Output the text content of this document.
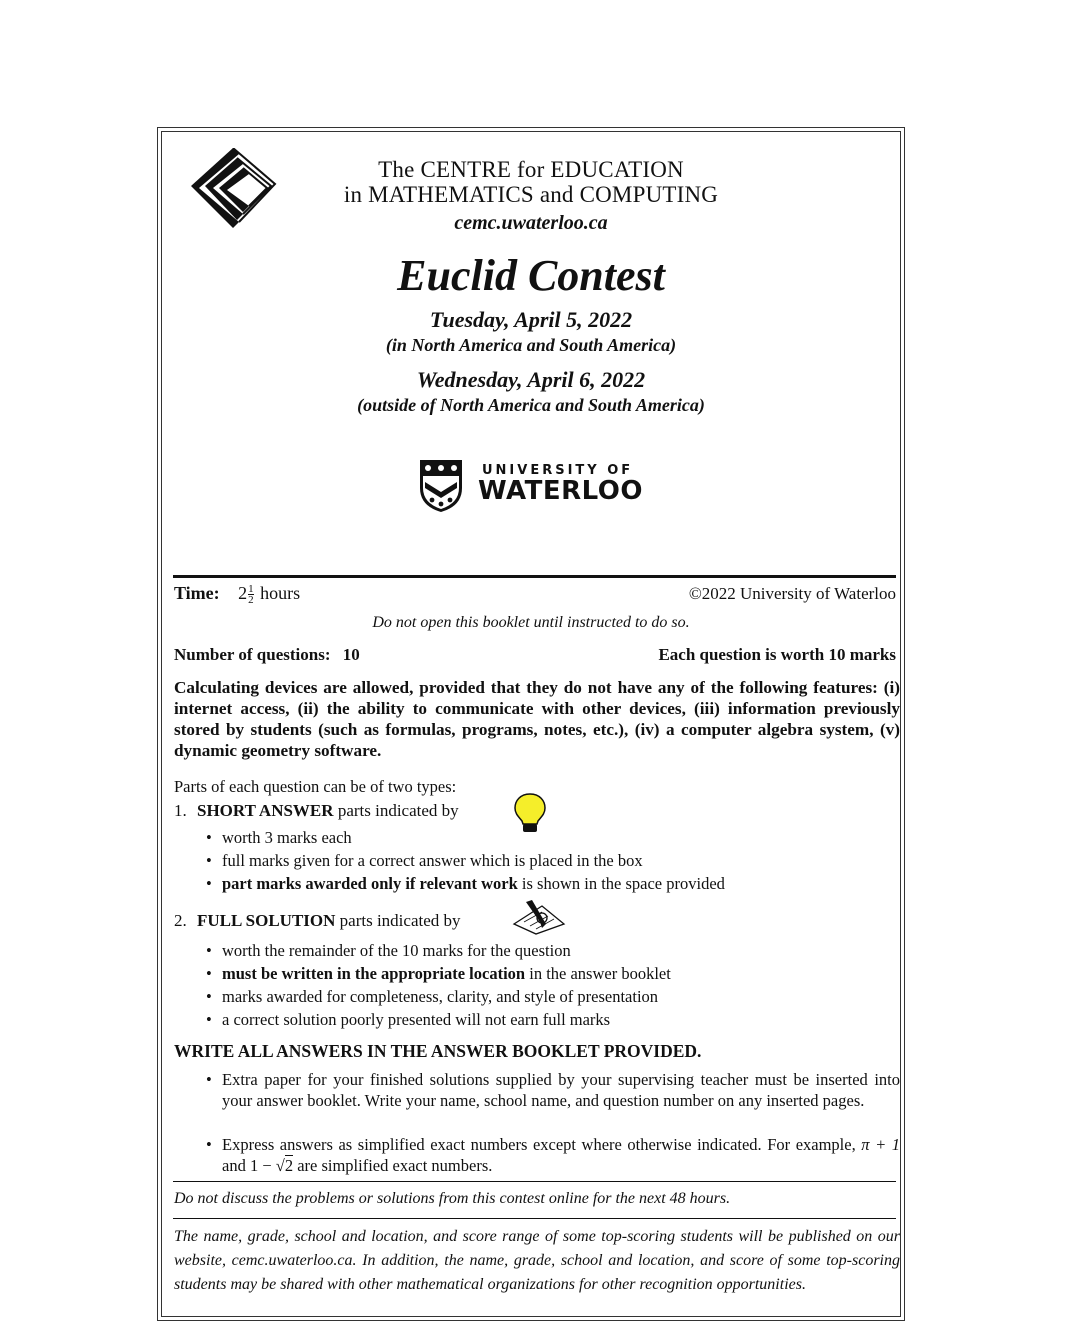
The CENTRE for EDUCATION
in MATHEMATICS and COMPUTING
cemc.uwaterloo.ca
Euclid Contest
Tuesday, April 5, 2022
(in North America and South America)
Wednesday, April 6, 2022
(outside of North America and South America)
UNIVERSITY OF
WATERLOO
Time: $2 \frac{1}{2}$ hours	©2022 University of Waterloo
Do not open this booklet until instructed to do so.
Number of questions: 10	Each question is worth 10 marks
Calculating devices are allowed, provided that they do not have any of the following features: (i) internet access, (ii) the ability to communicate with other devices, (iii) information previously stored by students (such as formulas, programs, notes, etc.), (iv) a computer algebra system, (v) dynamic geometry software.
Parts of each question can be of two types:
1. SHORT ANSWER parts indicated by
• worth 3 marks each
• full marks given for a correct answer which is placed in the box
• part marks awarded only if relevant work is shown in the space provided
2. FULL SOLUTION parts indicated by
• worth the remainder of the 10 marks for the question
• must be written in the appropriate location in the answer booklet
• marks awarded for completeness, clarity, and style of presentation
• a correct solution poorly presented will not earn full marks
WRITE ALL ANSWERS IN THE ANSWER BOOKLET PROVIDED.
• Extra paper for your finished solutions supplied by your supervising teacher must be inserted into your answer booklet. Write your name, school name, and question number on any inserted pages.
• Express answers as simplified exact numbers except where otherwise indicated. For example, π + 1 and 1 − √2 are simplified exact numbers.
Do not discuss the problems or solutions from this contest online for the next 48 hours.
The name, grade, school and location, and score range of some top-scoring students will be published on our website, cemc.uwaterloo.ca. In addition, the name, grade, school and location, and score of some top-scoring students may be shared with other mathematical organizations for other recognition opportunities.
